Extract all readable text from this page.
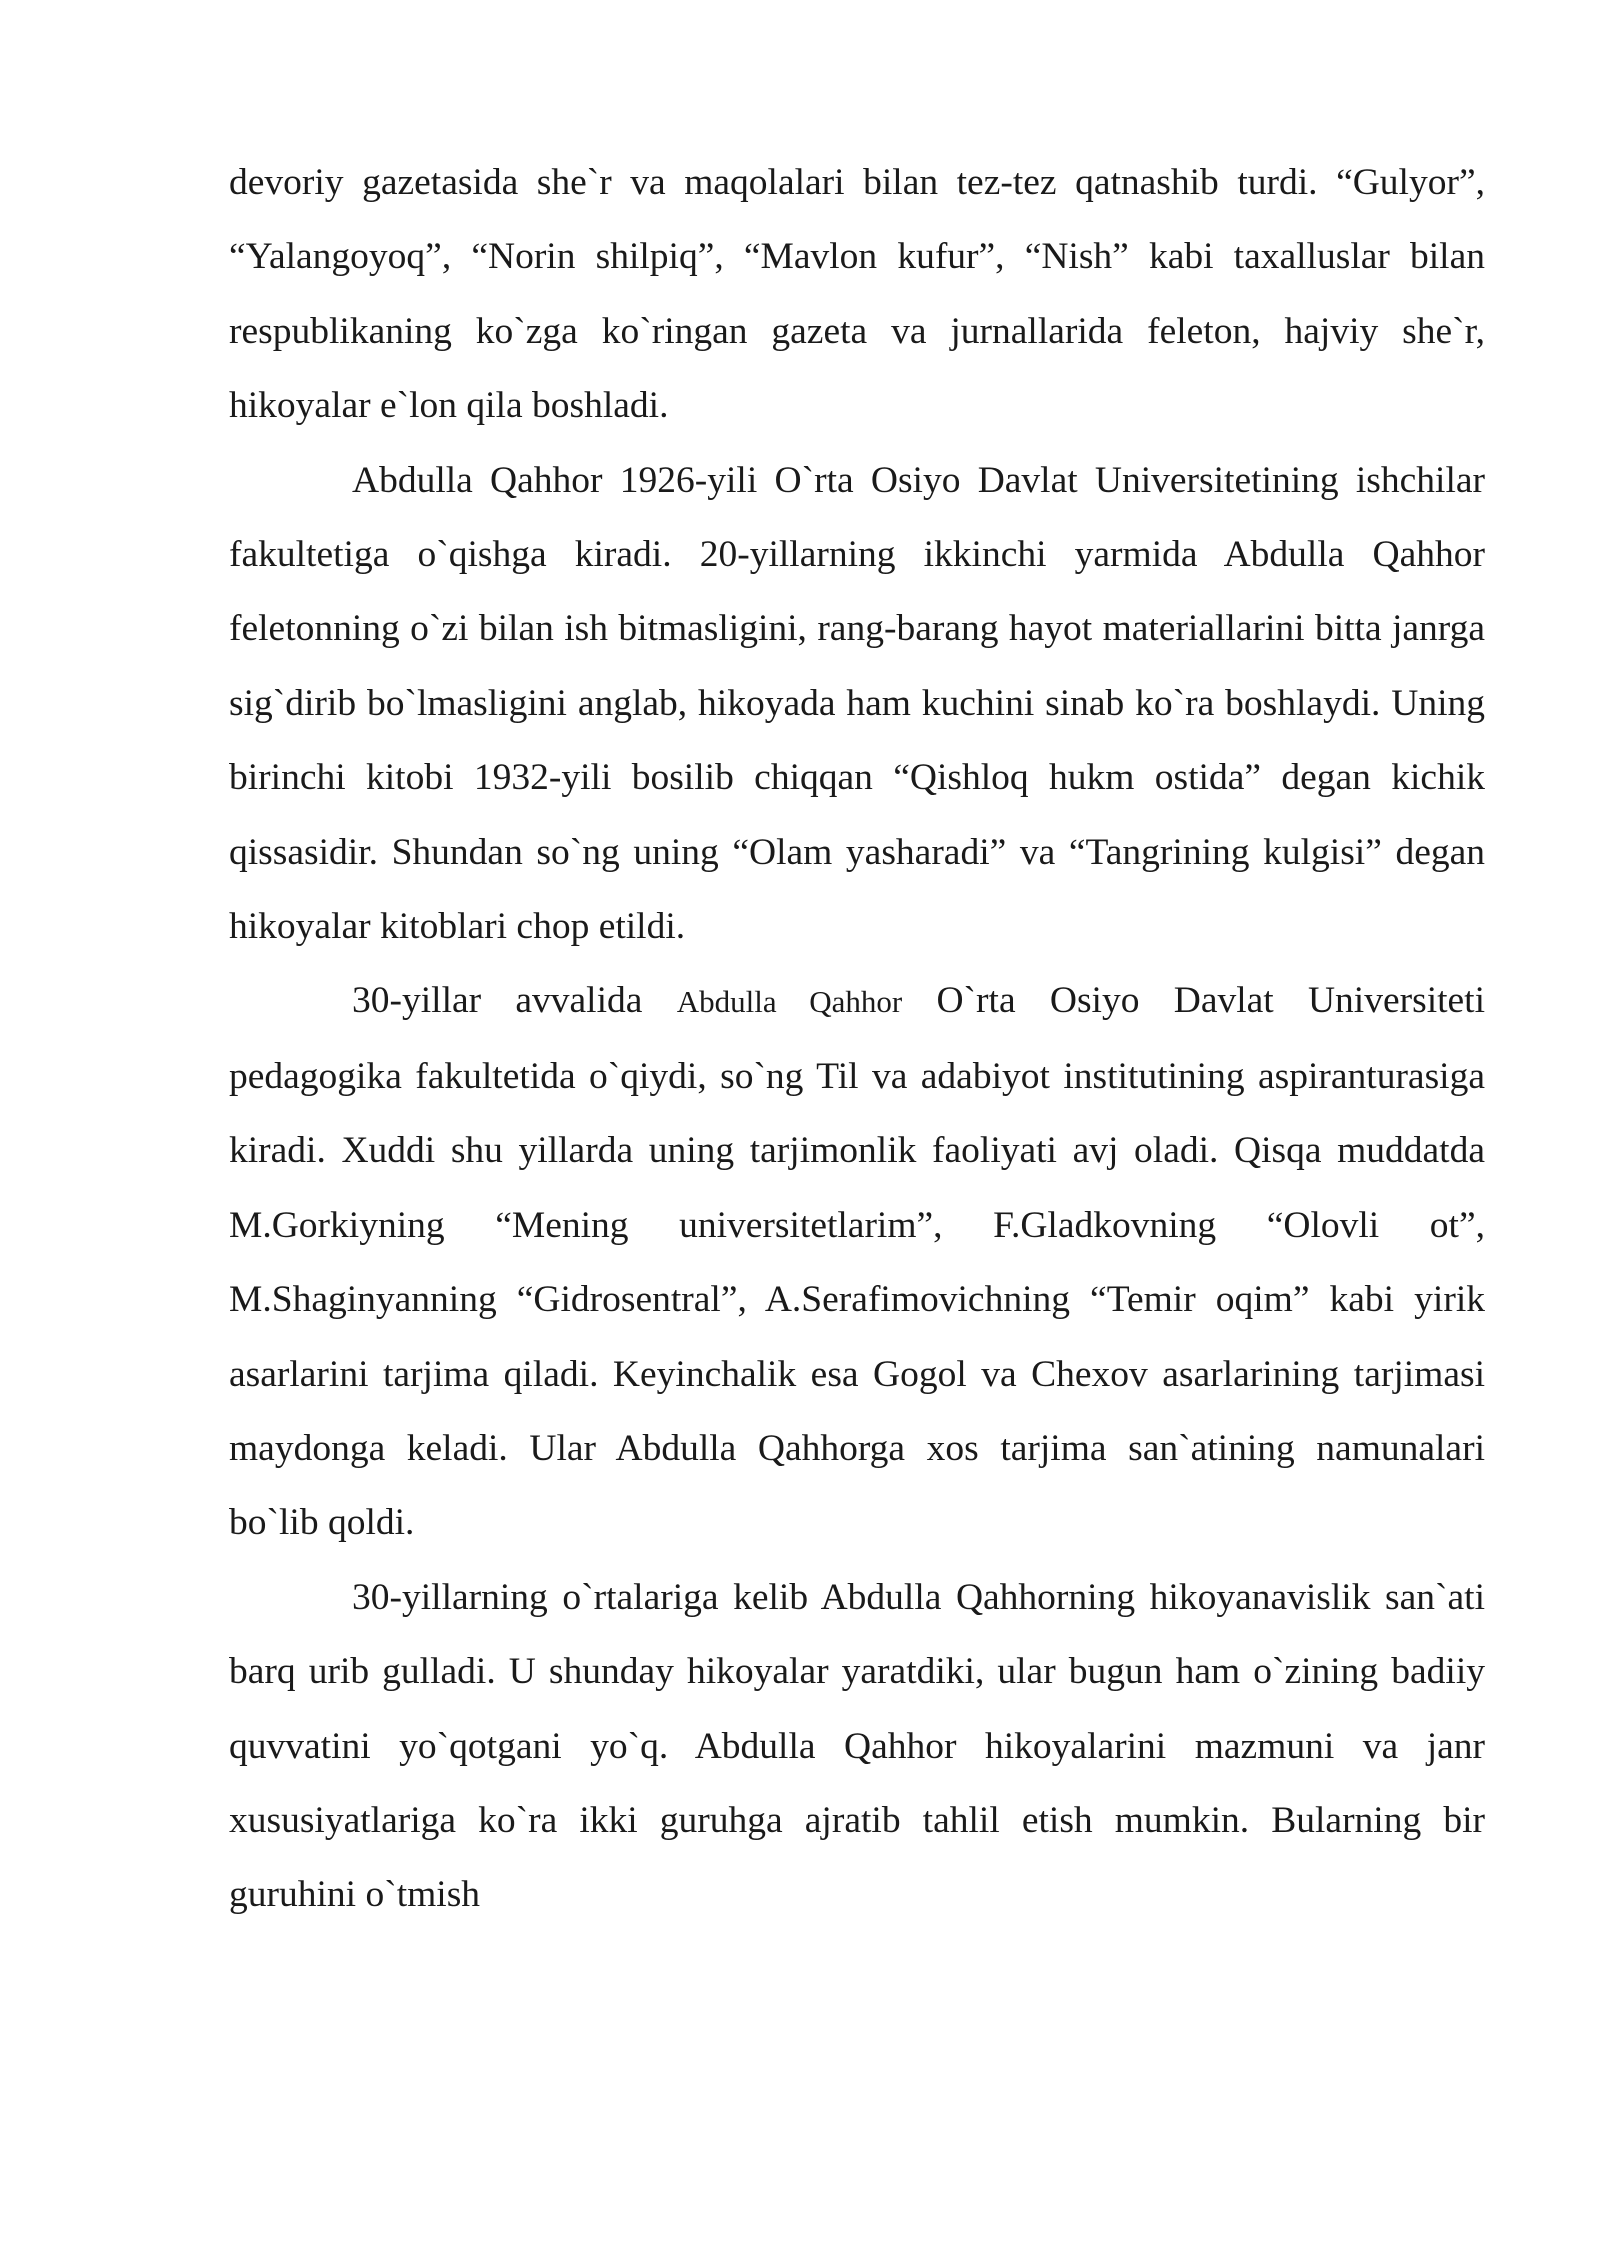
devoriy gazetasida she`r va maqolalari bilan tez-tez qatnashib turdi. “Gulyor”, “Yalangoyoq”, “Norin shilpiq”, “Mavlon kufur”, “Nish” kabi taxalluslar bilan respublikaning ko`zga ko`ringan gazeta va jurnallarida feleton, hajviy she`r, hikoyalar e`lon qila boshladi.

Abdulla Qahhor 1926-yili O`rta Osiyo Davlat Universitetining ishchilar fakultetiga o`qishga kiradi. 20-yillarning ikkinchi yarmida Abdulla Qahhor feletonning o`zi bilan ish bitmasligini, rang-barang hayot materiallarini bitta janrga sig`dirib bo`lmasligini anglab, hikoyada ham kuchini sinab ko`ra boshlaydi. Uning birinchi kitobi 1932-yili bosilib chiqqan “Qishloq hukm ostida” degan kichik qissasidir. Shundan so`ng uning “Olam yasharadi” va “Tangrining kulgisi” degan hikoyalar kitoblari chop etildi.

30-yillar avvalida Abdulla Qahhor O`rta Osiyo Davlat Universiteti pedagogika fakultetida o`qiydi, so`ng Til va adabiyot institutining aspiranturasiga kiradi. Xuddi shu yillarda uning tarjimonlik faoliyati avj oladi. Qisqa muddatda M.Gorkiyning “Mening universitetlarim”, F.Gladkovning “Olovli ot”, M.Shaginyanning “Gidrosentral”, A.Serafimovichning “Temir oqim” kabi yirik asarlarini tarjima qiladi. Keyinchalik esa Gogol va Chexov asarlarining tarjimasi maydonga keladi. Ular Abdulla Qahhorga xos tarjima san`atining namunalari bo`lib qoldi.

30-yillarning o`rtalariga kelib Abdulla Qahhorning hikoyanavislik san`ati barq urib gulladi. U shunday hikoyalar yaratdiki, ular bugun ham o`zining badiiy quvvatini yo`qotgani yo`q. Abdulla Qahhor hikoyalarini mazmuni va janr xususiyatlariga ko`ra ikki guruhga ajratib tahlil etish mumkin. Bularning bir guruhini o`tmish
